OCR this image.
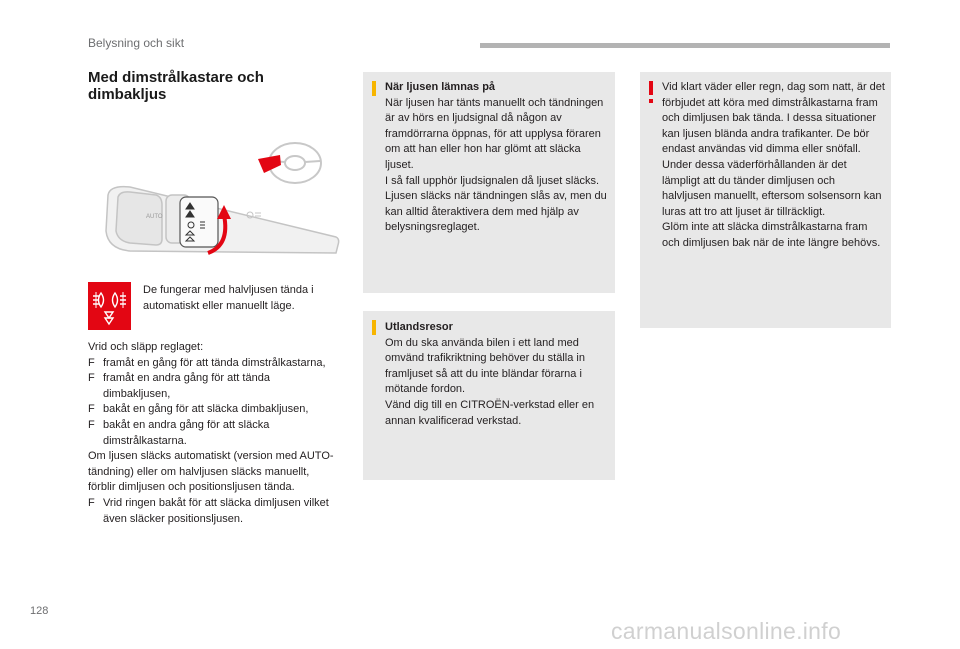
Belysning och sikt
Med dimstrålkastare och dimbakljus
AUTO
De fungerar med halvljusen tända i automatiskt eller manuellt läge.

Vrid och släpp reglaget:

F framåt en gång för att tända dimstrålkastarna,

F framåt en andra gång för att tända dimbakljusen,

F bakåt en gång för att släcka dimbakljusen,

F bakåt en andra gång för att släcka dimstrålkastarna.

Om ljusen släcks automatiskt (version med AUTO-tändning) eller om halvljusen släcks manuellt, förblir dimljusen och positionsljusen tända.

F Vrid ringen bakåt för att släcka dimljusen vilket även släcker positionsljusen.

När ljusen lämnas på

När ljusen har tänts manuellt och tändningen är av hörs en ljudsignal då någon av framdörrarna öppnas, för att upplysa föraren om att han eller hon har glömt att släcka ljuset.

I så fall upphör ljudsignalen då ljuset släcks.

Ljusen släcks när tändningen slås av, men du kan alltid återaktivera dem med hjälp av belysningsreglaget.

Utlandsresor

Om du ska använda bilen i ett land med omvänd trafikriktning behöver du ställa in framljuset så att du inte bländar förarna i mötande fordon.

Vänd dig till en CITROËN-verkstad eller en annan kvalificerad verkstad.

Vid klart väder eller regn, dag som natt, är det förbjudet att köra med dimstrålkastarna fram och dimljusen bak tända. I dessa situationer kan ljusen blända andra trafikanter. De bör endast användas vid dimma eller snöfall.

Under dessa väderförhållanden är det lämpligt att du tänder dimljusen och halvljusen manuellt, eftersom solsensorn kan luras att tro att ljuset är tillräckligt.

Glöm inte att släcka dimstrålkastarna fram och dimljusen bak när de inte längre behövs.

128
carmanualsonline.info
